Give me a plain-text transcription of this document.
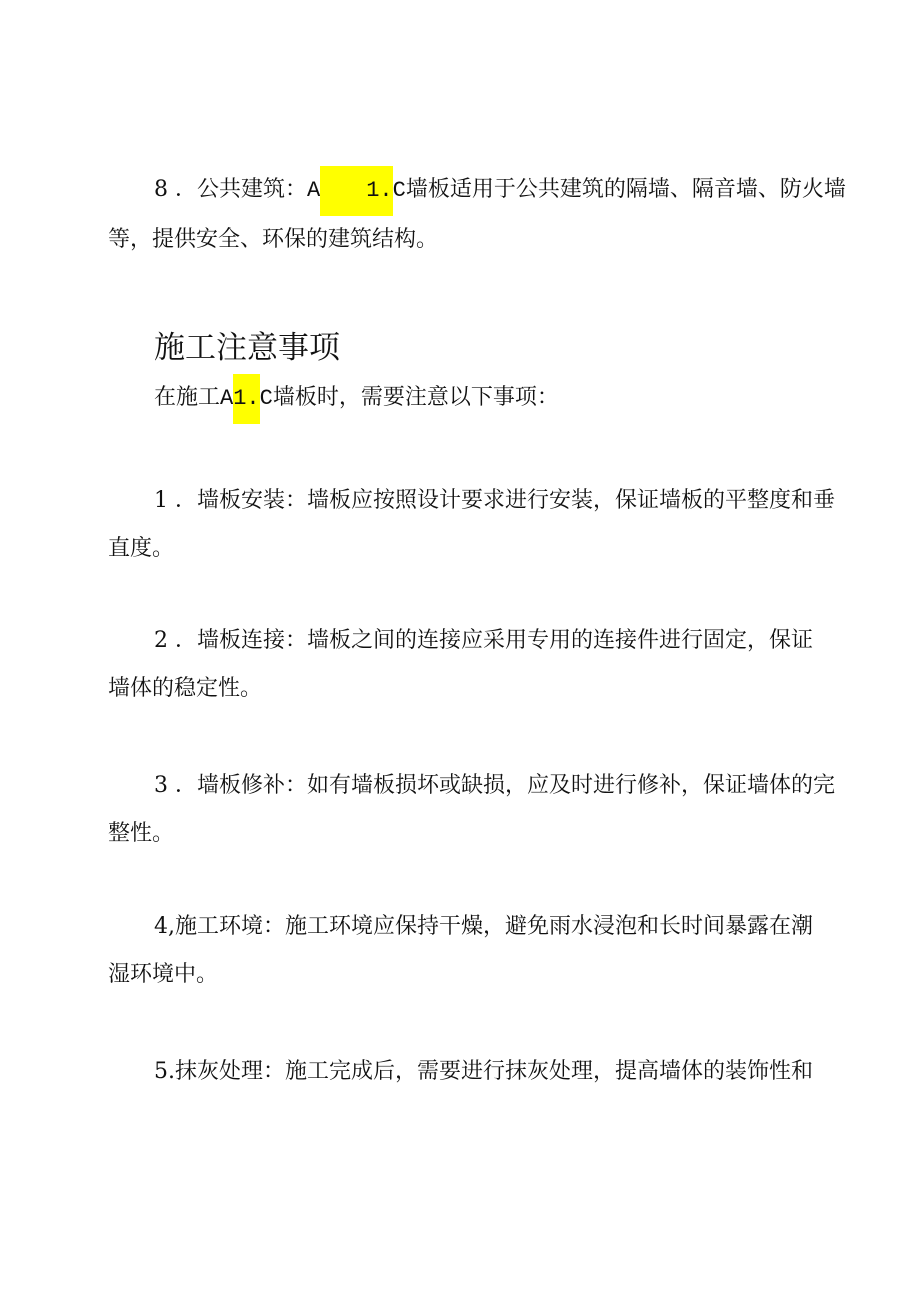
8 ．公共建筑：A 1.C墙板适用于公共建筑的隔墙、隔音墙、防火墙
等，提供安全、环保的建筑结构。

施工注意事项

在施工A1.C墙板时，需要注意以下事项：

1 ．墙板安装：墙板应按照设计要求进行安装，保证墙板的平整度和垂
直度。

2 ．墙板连接：墙板之间的连接应采用专用的连接件进行固定，保证
墙体的稳定性。

3 ．墙板修补：如有墙板损坏或缺损，应及时进行修补，保证墙体的完
整性。

4,施工环境：施工环境应保持干燥，避免雨水浸泡和长时间暴露在潮
湿环境中。

5.抹灰处理：施工完成后，需要进行抹灰处理，提高墙体的装饰性和
